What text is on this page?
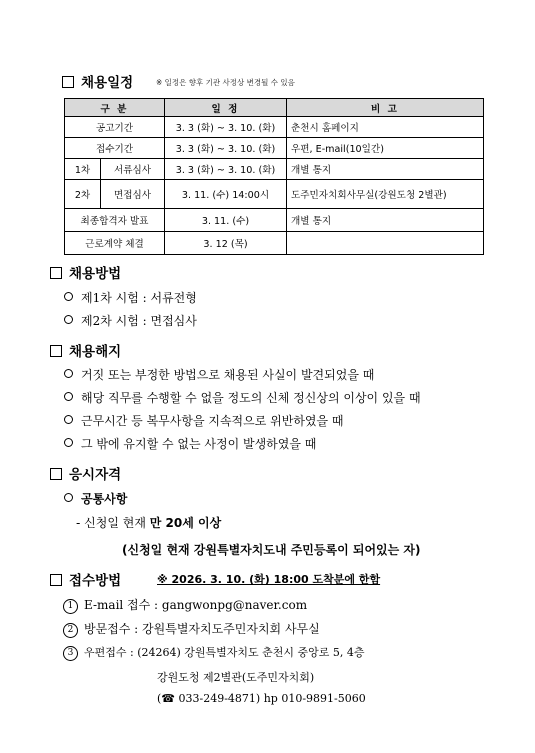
채용일정	※ 일정은 향후 기관 사정상 변경될 수 있음
구 분		일 정	비 고
공고기간		3. 3 (화) ~ 3. 10. (화)	춘천시 홈페이지
접수기간		3. 3 (화) ~ 3. 10. (화)	우편, E-mail(10일간)
1차	서류심사	3. 3 (화) ~ 3. 10. (화)	개별 통지
2차	면접심사	3. 11. (수) 14:00시	도주민자치회사무실(강원도청 2별관)
최종합격자 발표		3. 11. (수)	개별 통지
근로계약 체결		3. 12 (목)	
채용방법
제1차 시험 : 서류전형
제2차 시험 : 면접심사
채용해지
거짓 또는 부정한 방법으로 채용된 사실이 발견되었을 때
해당 직무를 수행할 수 없을 정도의 신체 정신상의 이상이 있을 때
근무시간 등 복무사항을 지속적으로 위반하였을 때
그 밖에 유지할 수 없는 사정이 발생하였을 때
응시자격
공통사항
- 신청일 현재 만 20세 이상
(신청일 현재 강원특별자치도내 주민등록이 되어있는 자)
접수방법	※ 2026. 3. 10. (화) 18:00 도착분에 한함
1 E-mail 접수 : gangwonpg@naver.com
2 방문접수 : 강원특별자치도주민자치회 사무실
3 우편접수 : (24264) 강원특별자치도 춘천시 중앙로 5, 4층
강원도청 제2별관(도주민자치회)
(☎ 033-249-4871) hp 010-9891-5060
